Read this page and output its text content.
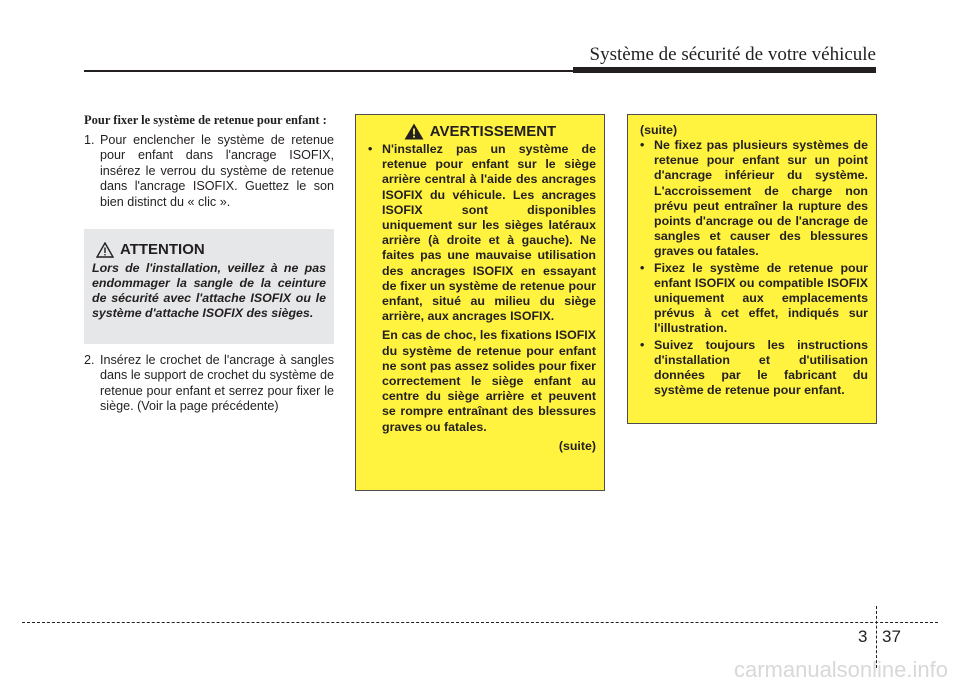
Système de sécurité de votre véhicule
Pour fixer le système de retenue pour enfant :
1. Pour enclencher le système de retenue pour enfant dans l'ancrage ISOFIX, insérez le verrou du système de retenue dans l'ancrage ISOFIX. Guettez le son bien distinct du « clic ».
ATTENTION
Lors de l'installation, veillez à ne pas endommager la sangle de la ceinture de sécurité avec l'attache ISOFIX ou le système d'attache ISOFIX des sièges.
2. Insérez le crochet de l'ancrage à sangles dans le support de crochet du système de retenue pour enfant et serrez pour fixer le siège. (Voir la page précédente)
AVERTISSEMENT
• N'installez pas un système de retenue pour enfant sur le siège arrière central à l'aide des ancrages ISOFIX du véhicule. Les ancrages ISOFIX sont disponibles uniquement sur les sièges latéraux arrière (à droite et à gauche). Ne faites pas une mauvaise utilisation des ancrages ISOFIX en essayant de fixer un système de retenue pour enfant, situé au milieu du siège arrière, aux ancrages ISOFIX.
En cas de choc, les fixations ISOFIX du système de retenue pour enfant ne sont pas assez solides pour fixer correctement le siège enfant au centre du siège arrière et peuvent se rompre entraînant des blessures graves ou fatales.
(suite)
(suite)
• Ne fixez pas plusieurs systèmes de retenue pour enfant sur un point d'ancrage inférieur du système. L'accroissement de charge non prévu peut entraîner la rupture des points d'ancrage ou de l'ancrage de sangles et causer des blessures graves ou fatales.
• Fixez le système de retenue pour enfant ISOFIX ou compatible ISOFIX uniquement aux emplacements prévus à cet effet, indiqués sur l'illustration.
• Suivez toujours les instructions d'installation et d'utilisation données par le fabricant du système de retenue pour enfant.
3 37
carmanualsonline.info
